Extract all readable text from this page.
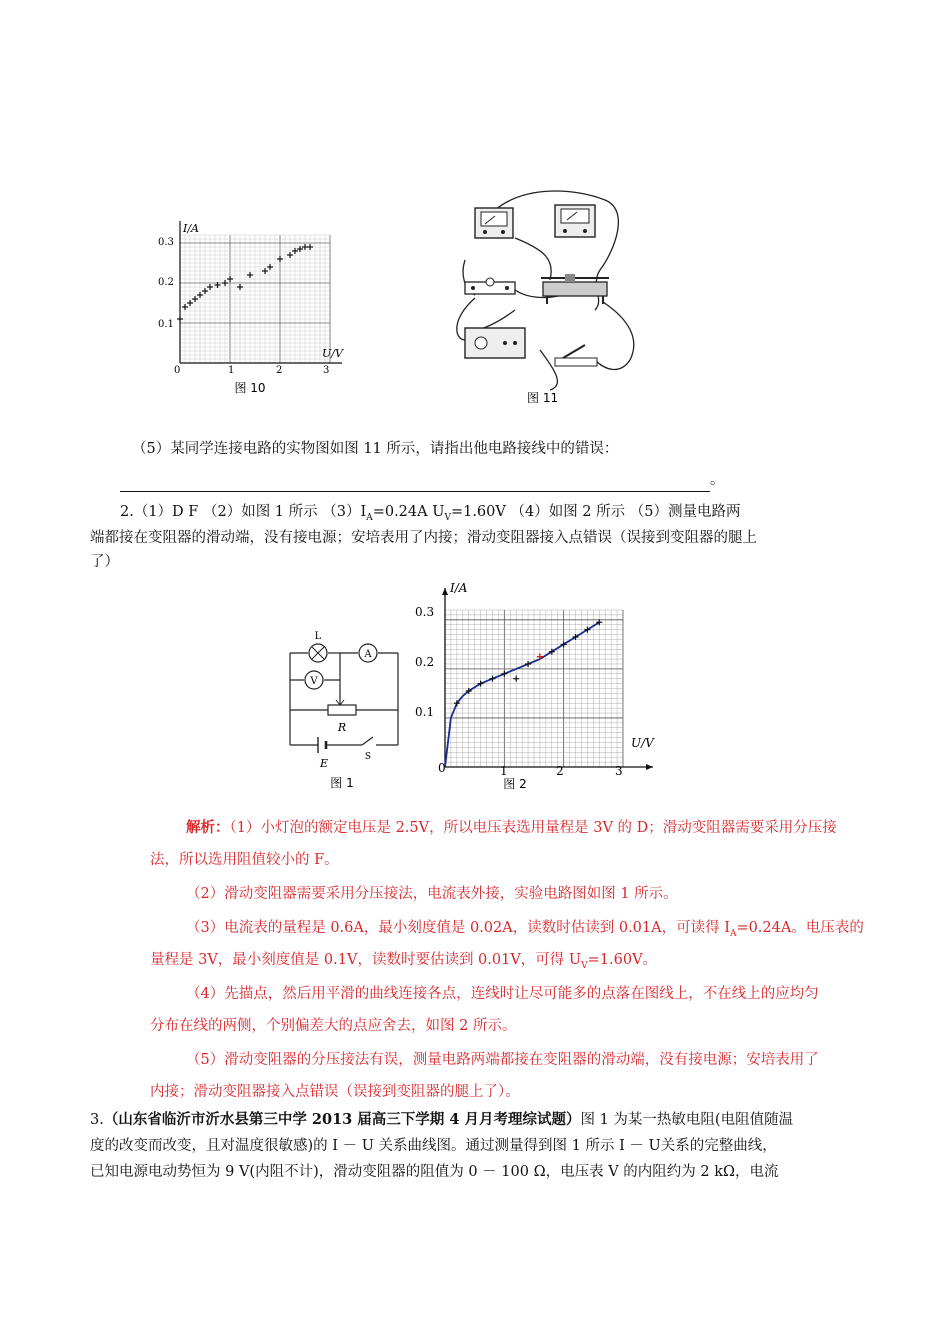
I/A
U/V
0
0.1
0.2
0.3
1	2	3
图 10
图 11
（5）某同学连接电路的实物图如图 11 所示，请指出他电路接线中的错误：
。
2.（1）D F （2）如图 1 所示 $(3)I_A=0.24A$ $U_V=1.60V$ （4）如图 2 所示 （5）测量电路两
端都接在变阻器的滑动端，没有接电源；安培表用了内接；滑动变阻器接入点错误（误接到变阻器的腿上
了）
A
V
L
R
S
E
图 1
I/A
U/V
0
0.1
0.2
0.3
1	2	3
图 2
解析：（1）小灯泡的额定电压是 2.5V，所以电压表选用量程是 3V 的 D；滑动变阻器需要采用分压接
法，所以选用阻值较小的 F。
（2）滑动变阻器需要采用分压接法，电流表外接，实验电路图如图 1 所示。
（3）电流表的量程是 0.6A，最小刻度值是 0.02A，读数时估读到 0.01A，可读得 $I_A=0.24A$。电压表的
量程是 3V，最小刻度值是 0.1V，读数时要估读到 0.01V，可得 $U_V=1.60V$。
（4）先描点，然后用平滑的曲线连接各点，连线时让尽可能多的点落在图线上，不在线上的应均匀
分布在线的两侧，个别偏差大的点应舍去，如图 2 所示。
（5）滑动变阻器的分压接法有误，测量电路两端都接在变阻器的滑动端，没有接电源；安培表用了
内接；滑动变阻器接入点错误（误接到变阻器的腿上了）。
3.（山东省临沂市沂水县第三中学 2013 届高三下学期 4 月月考理综试题）图 1 为某一热敏电阻(电阻值随温
度的改变而改变，且对温度很敏感)的 I － U 关系曲线图。通过测量得到图 1 所示 I － U关系的完整曲线，
已知电源电动势恒为 9 V(内阻不计)，滑动变阻器的阻值为 0 － 100 Ω，电压表 V 的内阻约为 2 kΩ，电流
